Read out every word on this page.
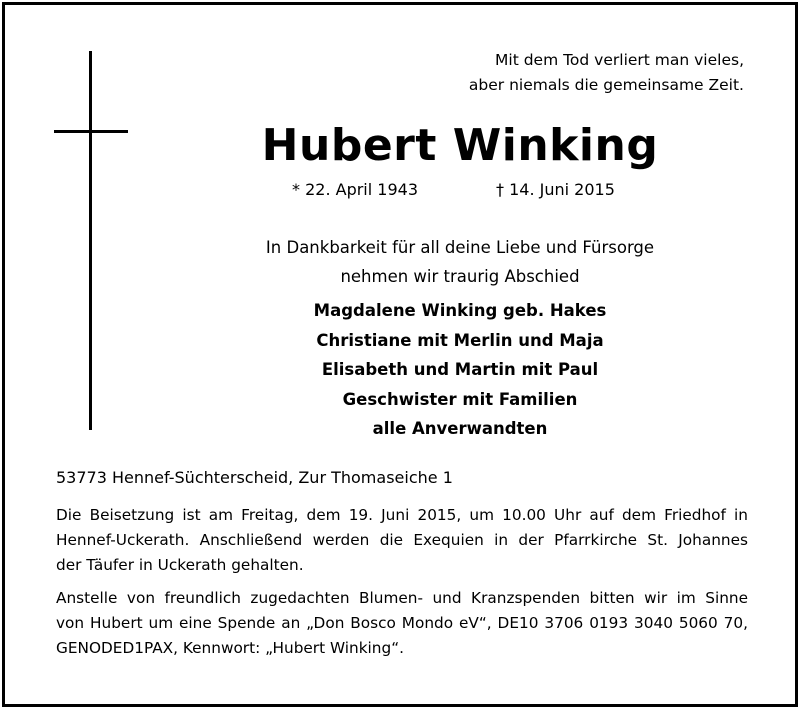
Mit dem Tod verliert man vieles,
aber niemals die gemeinsame Zeit.
Hubert Winking
* 22. April 1943	† 14. Juni 2015
In Dankbarkeit für all deine Liebe und Fürsorge
nehmen wir traurig Abschied
Magdalene Winking geb. Hakes
Christiane mit Merlin und Maja
Elisabeth und Martin mit Paul
Geschwister mit Familien
alle Anverwandten
53773 Hennef-Süchterscheid, Zur Thomaseiche 1
Die Beisetzung ist am Freitag, dem 19. Juni 2015, um 10.00 Uhr auf dem Friedhof in
Hennef-Uckerath. Anschließend werden die Exequien in der Pfarrkirche St. Johannes
der Täufer in Uckerath gehalten.
Anstelle von freundlich zugedachten Blumen- und Kranzspenden bitten wir im Sinne
von Hubert um eine Spende an „Don Bosco Mondo eV“, DE10 3706 0193 3040 5060 70,
GENODED1PAX, Kennwort: „Hubert Winking“.
